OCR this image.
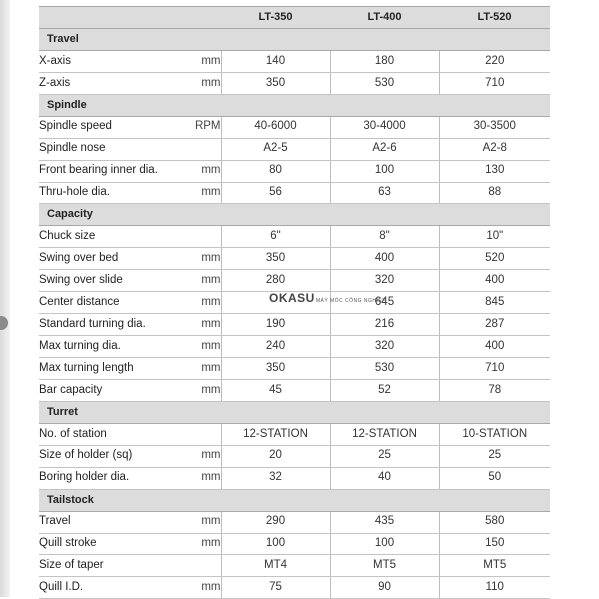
		LT-350	LT-400	LT-520
Travel				
X-axis	mm	140	180	220
Z-axis	mm	350	530	710
Spindle				
Spindle speed	RPM	40-6000	30-4000	30-3500
Spindle nose		A2-5	A2-6	A2-8
Front bearing inner dia.	mm	80	100	130
Thru-hole dia.	mm	56	63	88
Capacity				
Chuck size		6"	8"	10"
Swing over bed	mm	350	400	520
Swing over slide	mm	280	320	400
Center distance	mm		645	845
Standard turning dia.	mm	190	216	287
Max turning dia.	mm	240	320	400
Max turning length	mm	350	530	710
Bar capacity	mm	45	52	78
Turret				
No. of station		12-STATION	12-STATION	10-STATION
Size of holder (sq)	mm	20	25	25
Boring holder dia.	mm	32	40	50
Tailstock				
Travel	mm	290	435	580
Quill stroke	mm	100	100	150
Size of taper		MT4	MT5	MT5
Quill I.D.	mm	75	90	110
OKASUMÁY MÓC CÔNG NGHIỆP
